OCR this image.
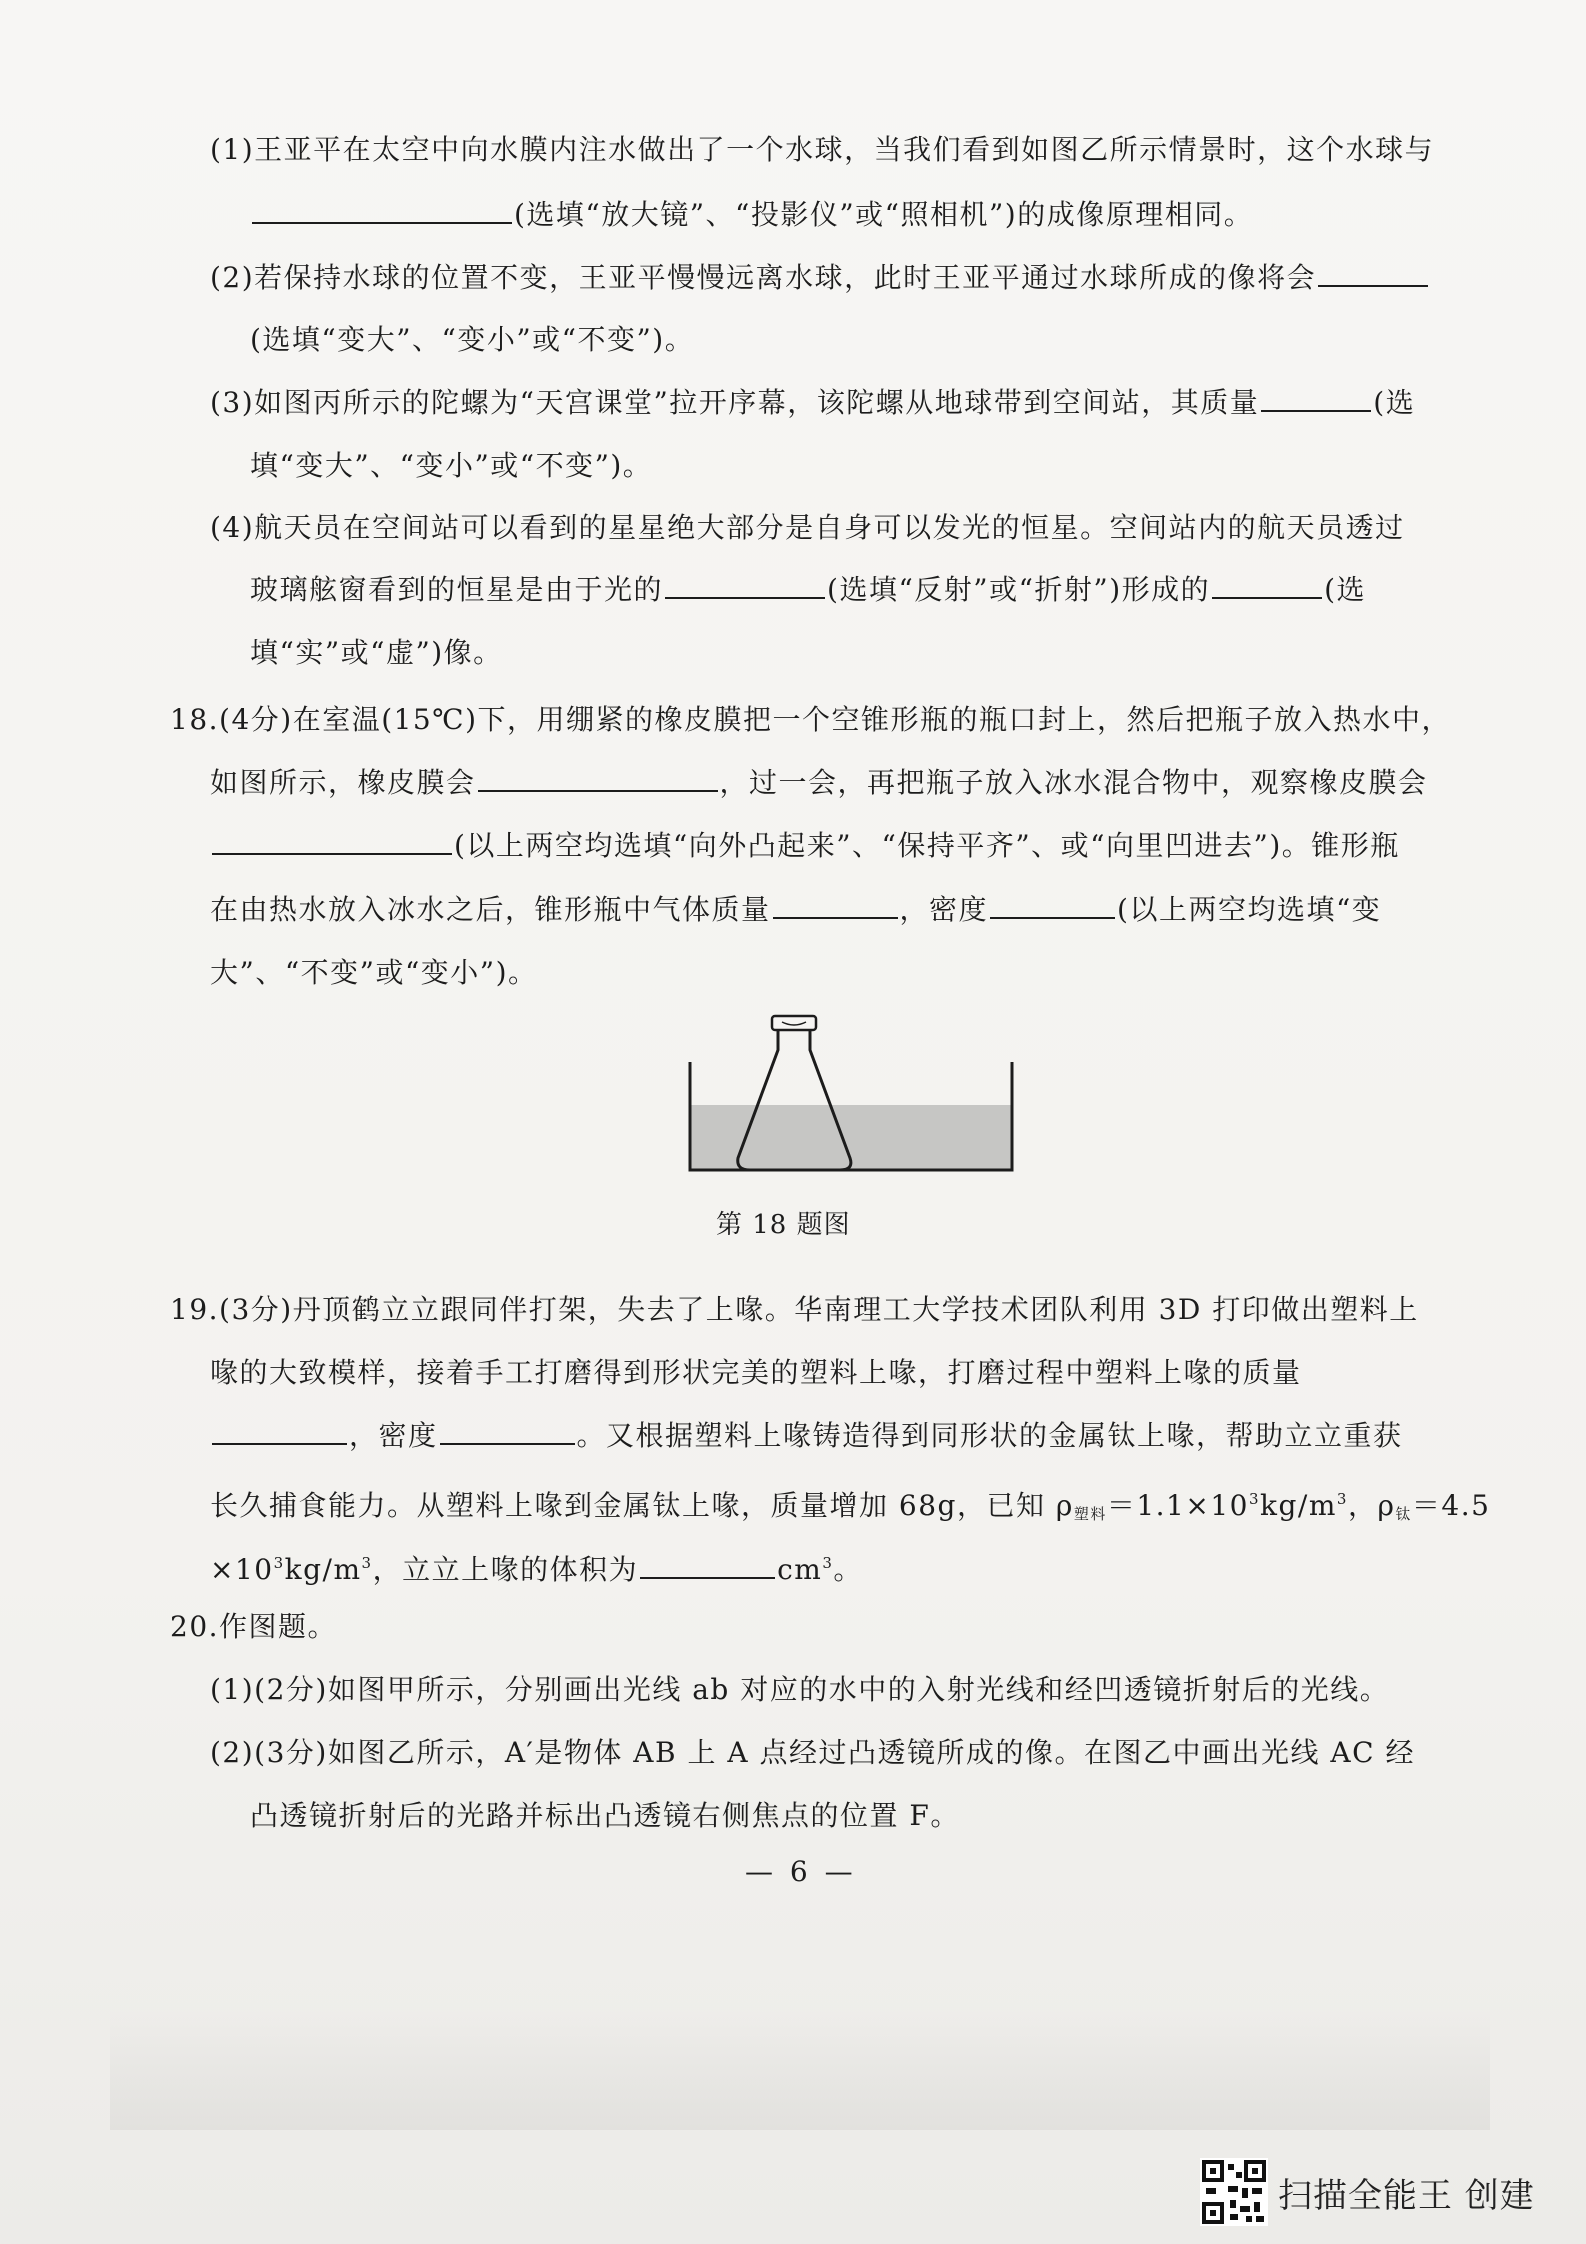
(1)王亚平在太空中向水膜内注水做出了一个水球，当我们看到如图乙所示情景时，这个水球与
(选填“放大镜”、“投影仪”或“照相机”)的成像原理相同。
(2)若保持水球的位置不变，王亚平慢慢远离水球，此时王亚平通过水球所成的像将会
(选填“变大”、“变小”或“不变”)。
(3)如图丙所示的陀螺为“天宫课堂”拉开序幕，该陀螺从地球带到空间站，其质量	(选
填“变大”、“变小”或“不变”)。
(4)航天员在空间站可以看到的星星绝大部分是自身可以发光的恒星。空间站内的航天员透过
玻璃舷窗看到的恒星是由于光的	(选填“反射”或“折射”)形成的	(选
填“实”或“虚”)像。
18.(4分)在室温(15℃)下，用绷紧的橡皮膜把一个空锥形瓶的瓶口封上，然后把瓶子放入热水中，
如图所示，橡皮膜会	，过一会，再把瓶子放入冰水混合物中，观察橡皮膜会
(以上两空均选填“向外凸起来”、“保持平齐”、或“向里凹进去”)。锥形瓶
在由热水放入冰水之后，锥形瓶中气体质量	，密度	(以上两空均选填“变
大”、“不变”或“变小”)。
第 18 题图
19.(3分)丹顶鹤立立跟同伴打架，失去了上喙。华南理工大学技术团队利用 3D 打印做出塑料上
喙的大致模样，接着手工打磨得到形状完美的塑料上喙，打磨过程中塑料上喙的质量
，密度	。又根据塑料上喙铸造得到同形状的金属钛上喙，帮助立立重获
长久捕食能力。从塑料上喙到金属钛上喙，质量增加 68g，已知 $\rho_{塑料}=1.1\times 10^3kg/m^3$，$\rho_钛=4.5$
$\times 10^3kg/m^3$，立立上喙的体积为	$cm^3$。
20.作图题。
(1)(2分)如图甲所示，分别画出光线 ab 对应的水中的入射光线和经凹透镜折射后的光线。
(2)(3分)如图乙所示，A′是物体 AB 上 A 点经过凸透镜所成的像。在图乙中画出光线 AC 经
凸透镜折射后的光路并标出凸透镜右侧焦点的位置 F。
— 6 —
扫描全能王 创建
